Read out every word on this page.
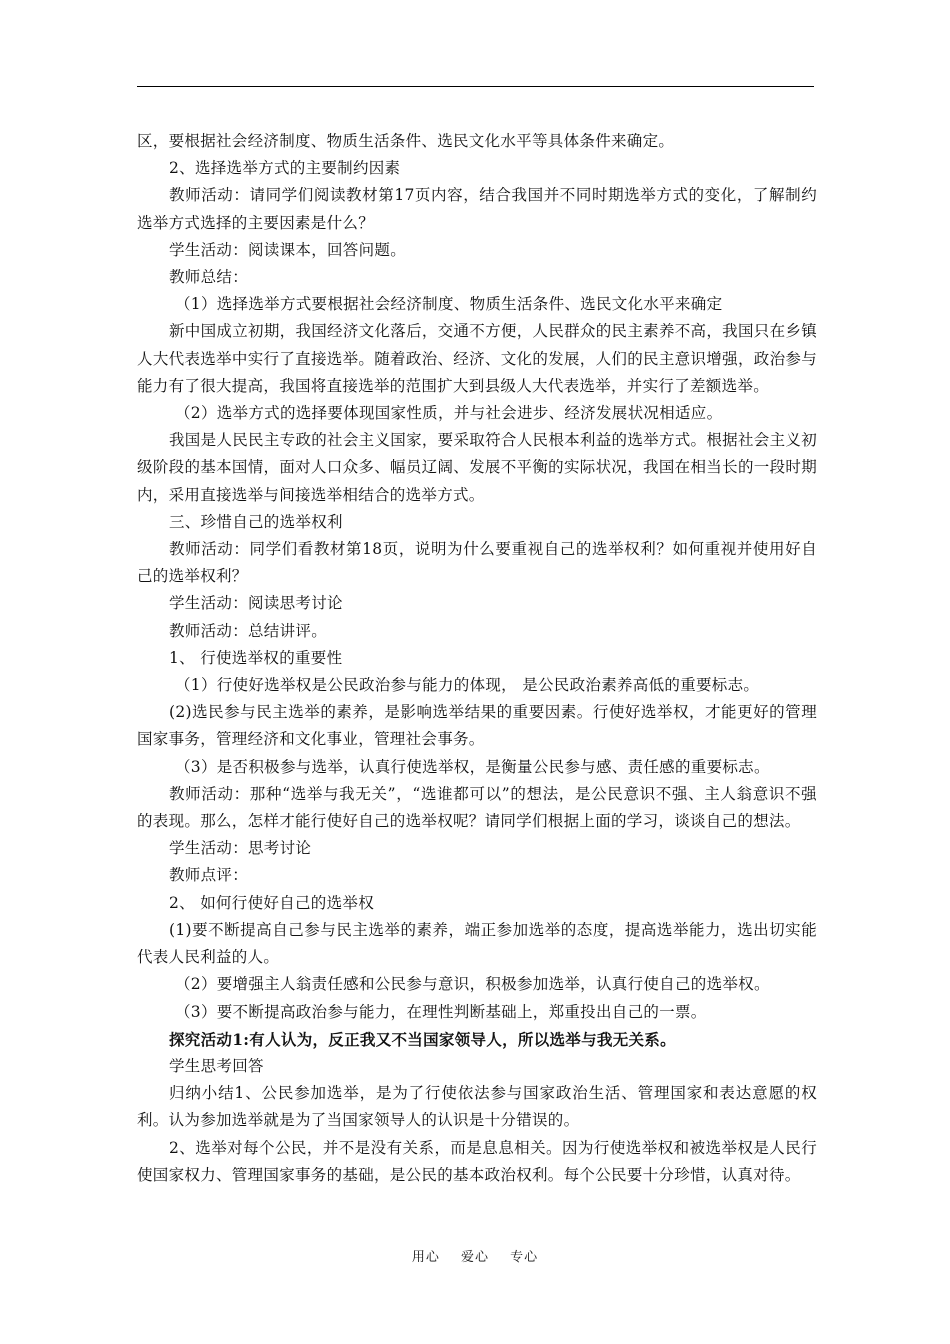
区，要根据社会经济制度、物质生活条件、选民文化水平等具体条件来确定。

2、选择选举方式的主要制约因素

教师活动：请同学们阅读教材第17页内容，结合我国并不同时期选举方式的变化，了解制约选举方式选择的主要因素是什么？

学生活动：阅读课本，回答问题。

教师总结：

（1）选择选举方式要根据社会经济制度、物质生活条件、选民文化水平来确定

新中国成立初期，我国经济文化落后，交通不方便，人民群众的民主素养不高，我国只在乡镇人大代表选举中实行了直接选举。随着政治、经济、文化的发展，人们的民主意识增强，政治参与能力有了很大提高，我国将直接选举的范围扩大到县级人大代表选举，并实行了差额选举。

（2）选举方式的选择要体现国家性质，并与社会进步、经济发展状况相适应。

我国是人民民主专政的社会主义国家，要采取符合人民根本利益的选举方式。根据社会主义初级阶段的基本国情，面对人口众多、幅员辽阔、发展不平衡的实际状况，我国在相当长的一段时期内，采用直接选举与间接选举相结合的选举方式。

三、珍惜自己的选举权利

教师活动：同学们看教材第18页，说明为什么要重视自己的选举权利？如何重视并使用好自己的选举权利？

学生活动：阅读思考讨论

教师活动：总结讲评。

1、 行使选举权的重要性

（1）行使好选举权是公民政治参与能力的体现， 是公民政治素养高低的重要标志。

(2)选民参与民主选举的素养，是影响选举结果的重要因素。行使好选举权，才能更好的管理国家事务，管理经济和文化事业，管理社会事务。

（3）是否积极参与选举，认真行使选举权，是衡量公民参与感、责任感的重要标志。

教师活动：那种“选举与我无关”，“选谁都可以”的想法，是公民意识不强、主人翁意识不强的表现。那么，怎样才能行使好自己的选举权呢？请同学们根据上面的学习，谈谈自己的想法。

学生活动：思考讨论

教师点评：

2、 如何行使好自己的选举权

(1)要不断提高自己参与民主选举的素养，端正参加选举的态度，提高选举能力，选出切实能代表人民利益的人。

（2）要增强主人翁责任感和公民参与意识，积极参加选举，认真行使自己的选举权。

（3）要不断提高政治参与能力，在理性判断基础上，郑重投出自己的一票。

探究活动1:有人认为，反正我又不当国家领导人，所以选举与我无关系。

学生思考回答

归纳小结1、公民参加选举，是为了行使依法参与国家政治生活、管理国家和表达意愿的权利。认为参加选举就是为了当国家领导人的认识是十分错误的。

2、选举对每个公民，并不是没有关系，而是息息相关。因为行使选举权和被选举权是人民行使国家权力、管理国家事务的基础，是公民的基本政治权利。每个公民要十分珍惜，认真对待。

用心 爱心 专心
